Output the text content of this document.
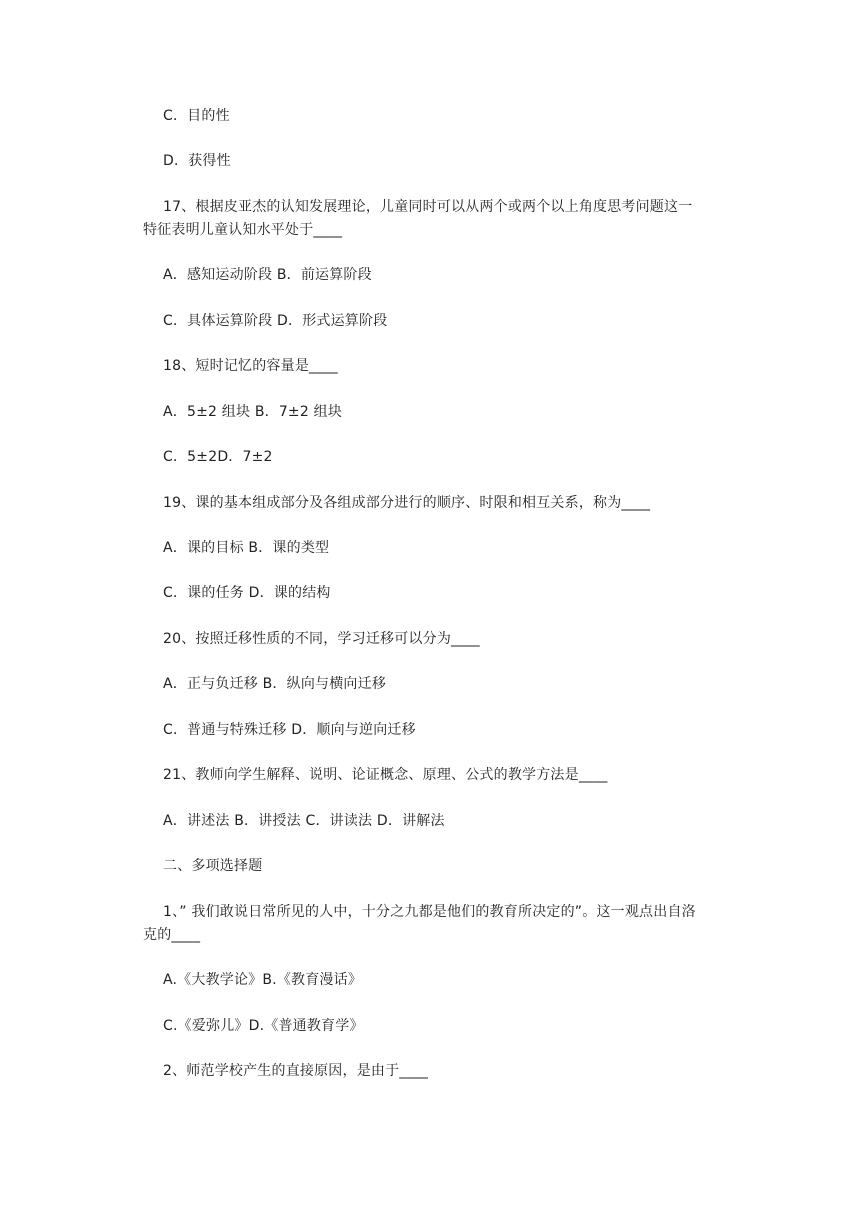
C．目的性
D．获得性
17、根据皮亚杰的认知发展理论，儿童同时可以从两个或两个以上角度思考问题这一
特征表明儿童认知水平处于____
A．感知运动阶段 B．前运算阶段
C．具体运算阶段 D．形式运算阶段
18、短时记忆的容量是____
A．5±2 组块 B．7±2 组块
C．5±2D．7±2
19、课的基本组成部分及各组成部分进行的顺序、时限和相互关系，称为____
A．课的目标 B．课的类型
C．课的任务 D．课的结构
20、按照迁移性质的不同，学习迁移可以分为____
A．正与负迁移 B．纵向与横向迁移
C．普通与特殊迁移 D．顺向与逆向迁移
21、教师向学生解释、说明、论证概念、原理、公式的教学方法是____
A．讲述法 B．讲授法 C．讲读法 D．讲解法
二、多项选择题
1、” 我们敢说日常所见的人中，十分之九都是他们的教育所决定的”。这一观点出自洛
克的____
A.《大教学论》B.《教育漫话》
C.《爱弥儿》D.《普通教育学》
2、师范学校产生的直接原因，是由于____
